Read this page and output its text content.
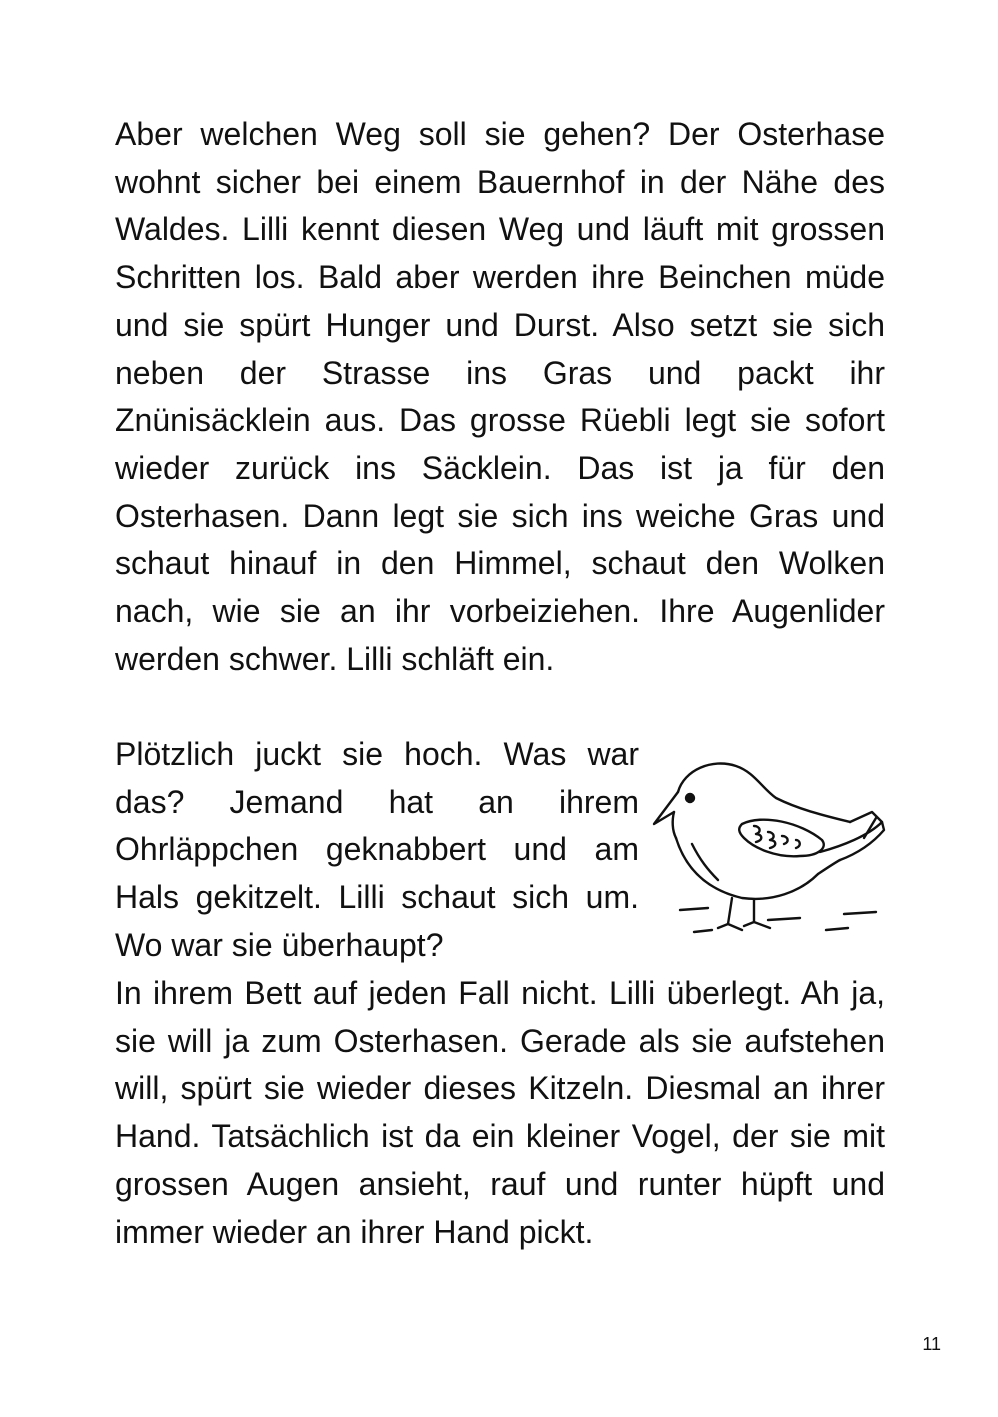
Aber welchen Weg soll sie gehen? Der Osterhase wohnt sicher bei einem Bauernhof in der Nähe des Waldes. Lilli kennt diesen Weg und läuft mit grossen Schritten los. Bald aber werden ihre Beinchen müde und sie spürt Hunger und Durst. Also setzt sie sich neben der Strasse ins Gras und packt ihr Znünisäcklein aus. Das grosse Rüebli legt sie sofort wieder zurück ins Säcklein. Das ist ja für den Osterhasen. Dann legt sie sich ins weiche Gras und schaut hinauf in den Himmel, schaut den Wolken nach, wie sie an ihr vorbeiziehen. Ihre Augenlider werden schwer. Lilli schläft ein.

Plötzlich juckt sie hoch. Was war das? Jemand hat an ihrem Ohrläppchen geknabbert und am Hals gekitzelt. Lilli schaut sich um. Wo war sie überhaupt?

In ihrem Bett auf jeden Fall nicht. Lilli überlegt. Ah ja, sie will ja zum Osterhasen. Gerade als sie aufstehen will, spürt sie wieder dieses Kitzeln. Diesmal an ihrer Hand. Tatsächlich ist da ein kleiner Vogel, der sie mit grossen Augen ansieht, rauf und runter hüpft und immer wieder an ihrer Hand pickt.

11
